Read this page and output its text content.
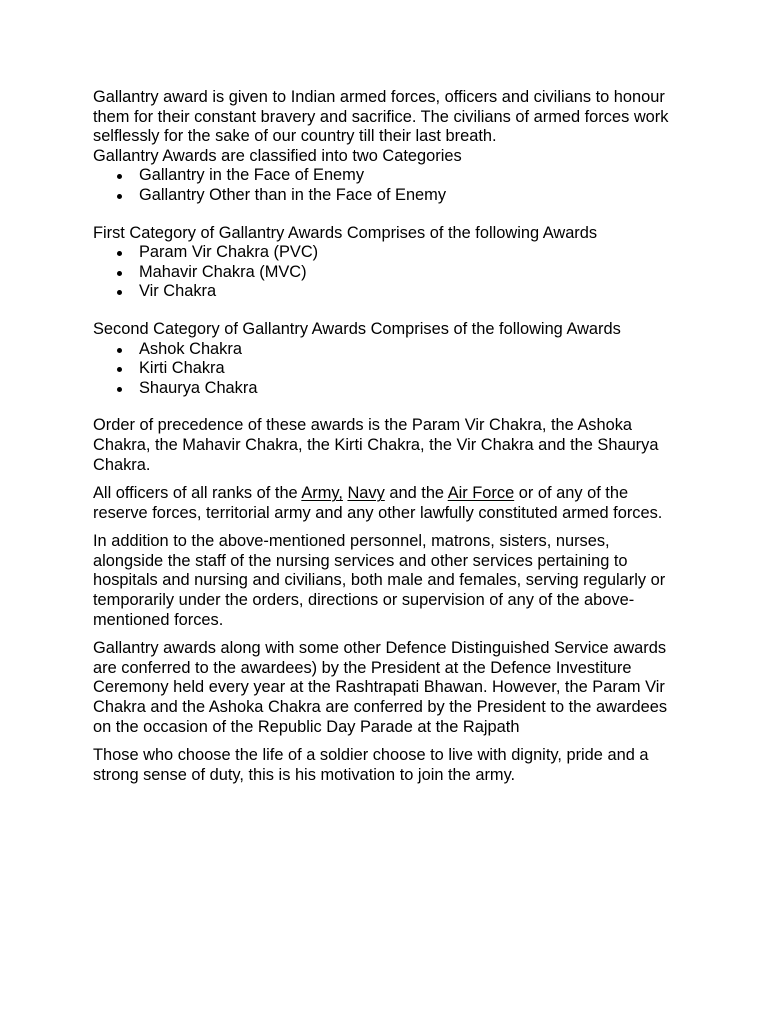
Gallantry award is given to Indian armed forces, officers and civilians to honour them for their constant bravery and sacrifice. The civilians of armed forces work selflessly for the sake of our country till their last breath.

Gallantry Awards are classified into two Categories

Gallantry in the Face of Enemy
Gallantry Other than in the Face of Enemy

First Category of Gallantry Awards Comprises of the following Awards

Param Vir Chakra (PVC)
Mahavir Chakra (MVC)
Vir Chakra

Second Category of Gallantry Awards Comprises of the following Awards

Ashok Chakra
Kirti Chakra
Shaurya Chakra

Order of precedence of these awards is the Param Vir Chakra, the Ashoka Chakra, the Mahavir Chakra, the Kirti Chakra, the Vir Chakra and the Shaurya Chakra.

All officers of all ranks of the Army, Navy and the Air Force or of any of the reserve forces, territorial army and any other lawfully constituted armed forces.

In addition to the above-mentioned personnel, matrons, sisters, nurses, alongside the staff of the nursing services and other services pertaining to hospitals and nursing and civilians, both male and females, serving regularly or temporarily under the orders, directions or supervision of any of the above-mentioned forces.

Gallantry awards along with some other Defence Distinguished Service awards are conferred to the awardees) by the President at the Defence Investiture Ceremony held every year at the Rashtrapati Bhawan. However, the Param Vir Chakra and the Ashoka Chakra are conferred by the President to the awardees on the occasion of the Republic Day Parade at the Rajpath

Those who choose the life of a soldier choose to live with dignity, pride and a strong sense of duty, this is his motivation to join the army.
